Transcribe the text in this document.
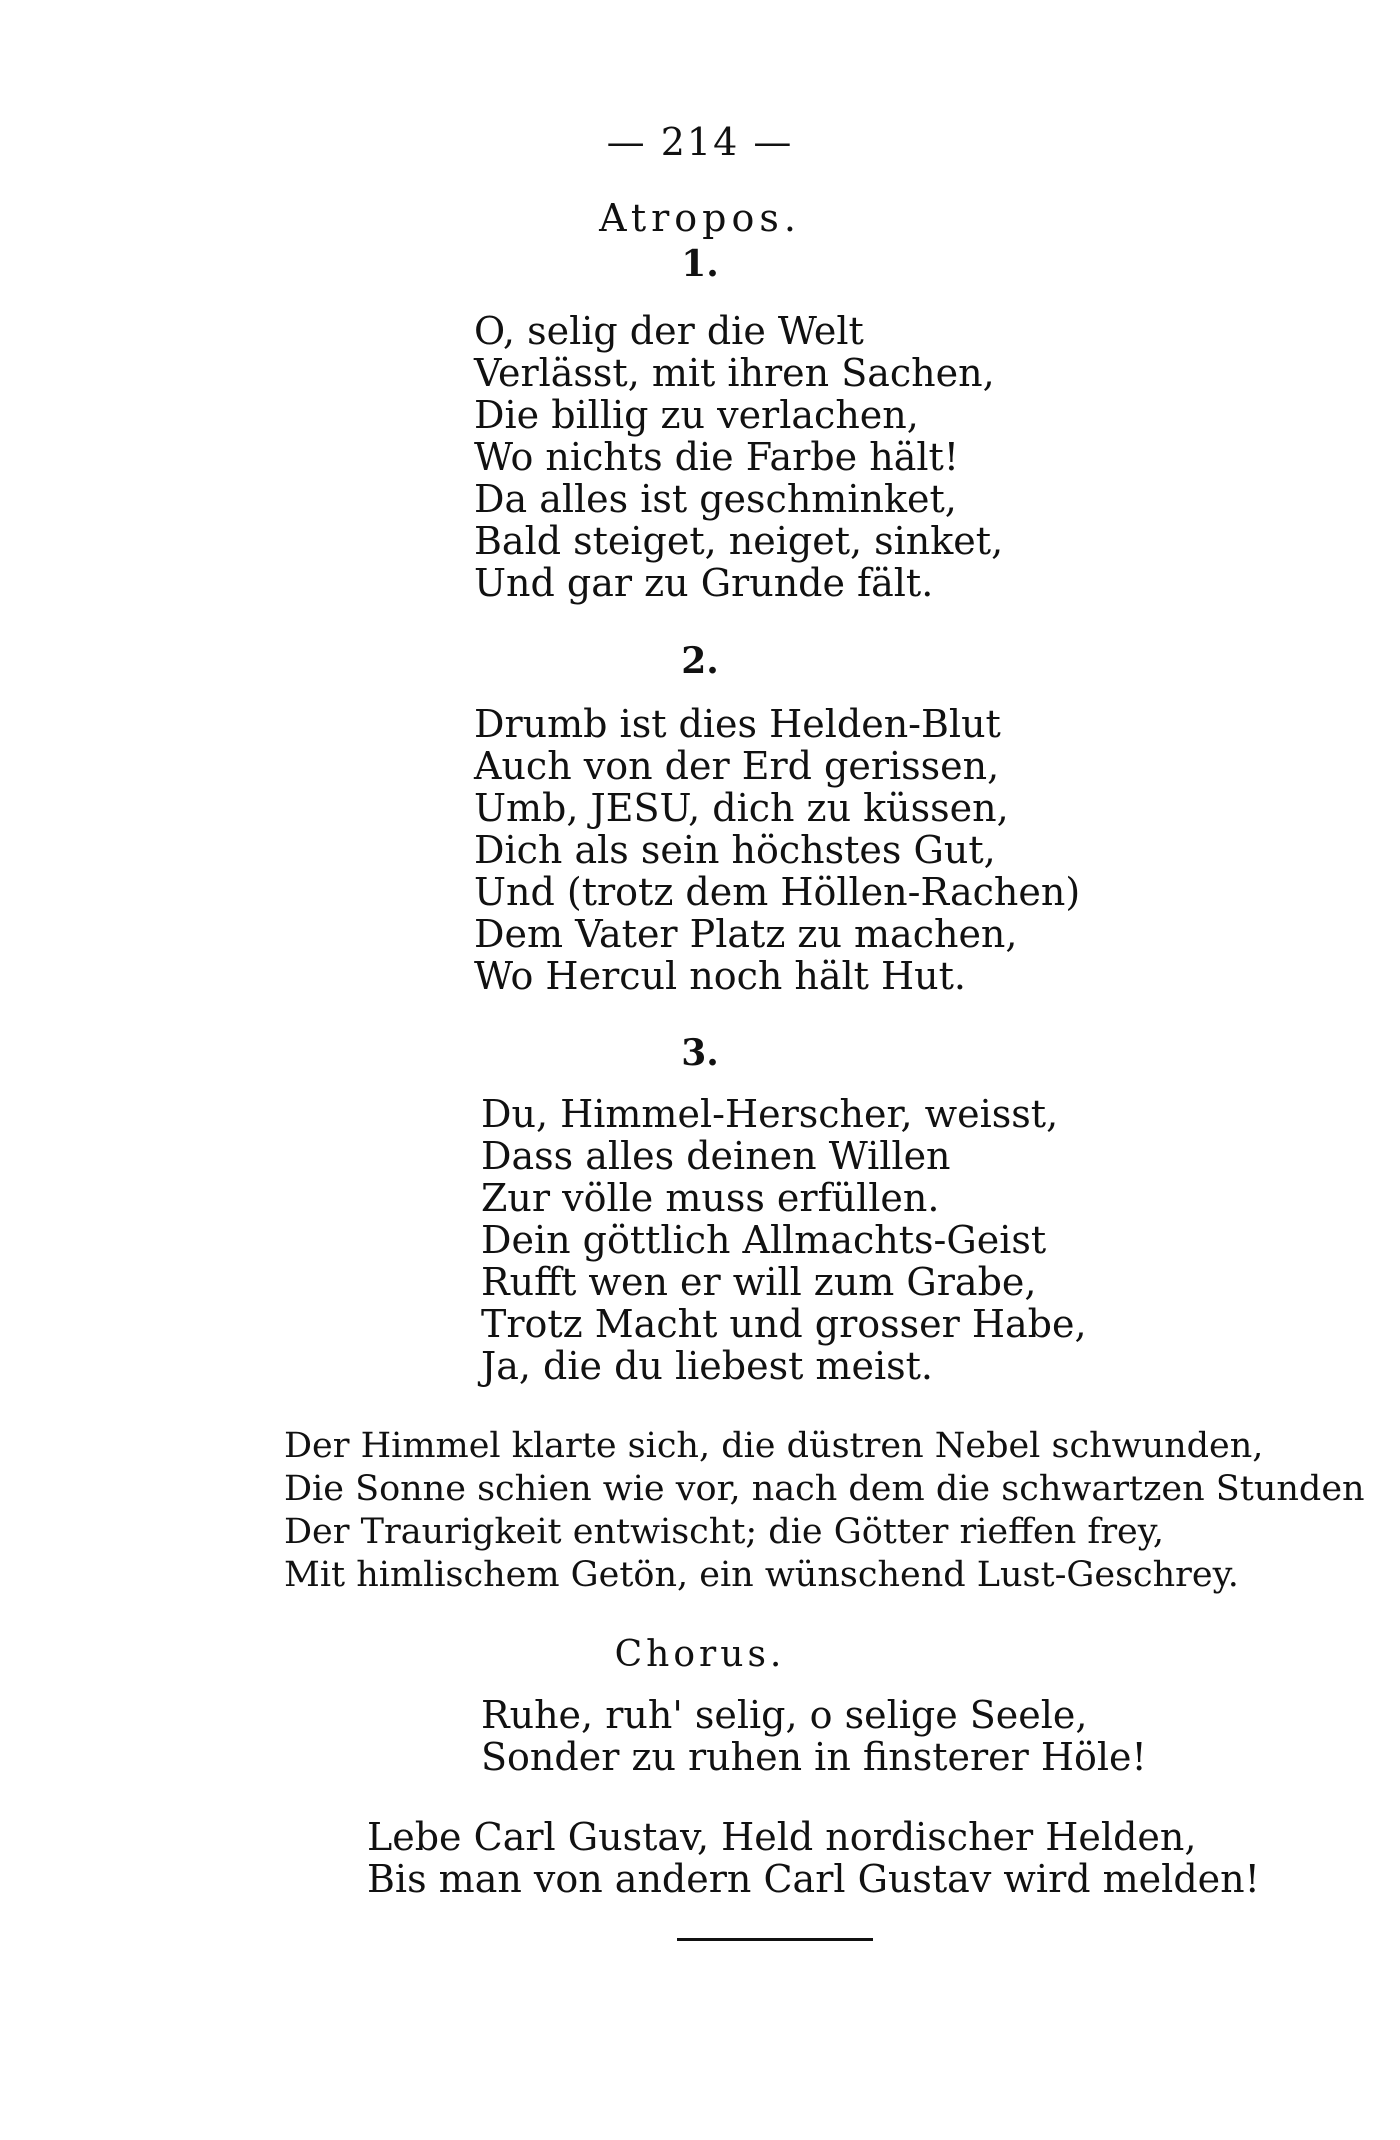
— 214 —
Atropos.
1.
O, selig der die Welt
Verlässt, mit ihren Sachen,
Die billig zu verlachen,
Wo nichts die Farbe hält!
Da alles ist geschminket,
Bald steiget, neiget, sinket,
Und gar zu Grunde fält.
2.
Drumb ist dies Helden-Blut
Auch von der Erd gerissen,
Umb, JESU, dich zu küssen,
Dich als sein höchstes Gut,
Und (trotz dem Höllen-Rachen)
Dem Vater Platz zu machen,
Wo Hercul noch hält Hut.
3.
Du, Himmel-Herscher, weisst,
Dass alles deinen Willen
Zur völle muss erfüllen.
Dein göttlich Allmachts-Geist
Rufft wen er will zum Grabe,
Trotz Macht und grosser Habe,
Ja, die du liebest meist.
Der Himmel klarte sich, die düstren Nebel schwunden,
Die Sonne schien wie vor, nach dem die schwartzen Stunden
Der Traurigkeit entwischt; die Götter rieffen frey,
Mit himlischem Getön, ein wünschend Lust-Geschrey.
Chorus.
Ruhe, ruh' selig, o selige Seele,
Sonder zu ruhen in finsterer Höle!
Lebe Carl Gustav, Held nordischer Helden,
Bis man von andern Carl Gustav wird melden!
